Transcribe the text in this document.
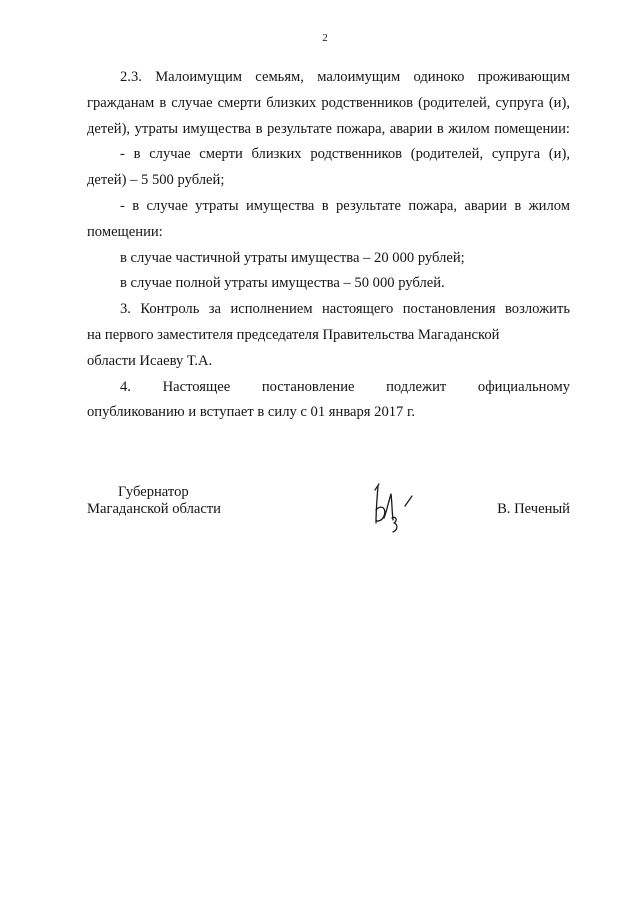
2
2.3. Малоимущим семьям, малоимущим одиноко проживающим
гражданам в случае смерти близких родственников (родителей, супруга (и),
детей), утраты имущества в результате пожара, аварии в жилом помещении:
- в случае смерти близких родственников (родителей, супруга (и),
детей) – 5 500 рублей;
- в случае утраты имущества в результате пожара, аварии в жилом
помещении:
в случае частичной утраты имущества – 20 000 рублей;
в случае полной утраты имущества – 50 000 рублей.
3. Контроль за исполнением настоящего постановления возложить
на первого заместителя председателя Правительства Магаданской
области Исаеву Т.А.
4. Настоящее постановление подлежит официальному
опубликованию и вступает в силу с 01 января 2017 г.
Губернатор
Магаданской области	В. Печеный
